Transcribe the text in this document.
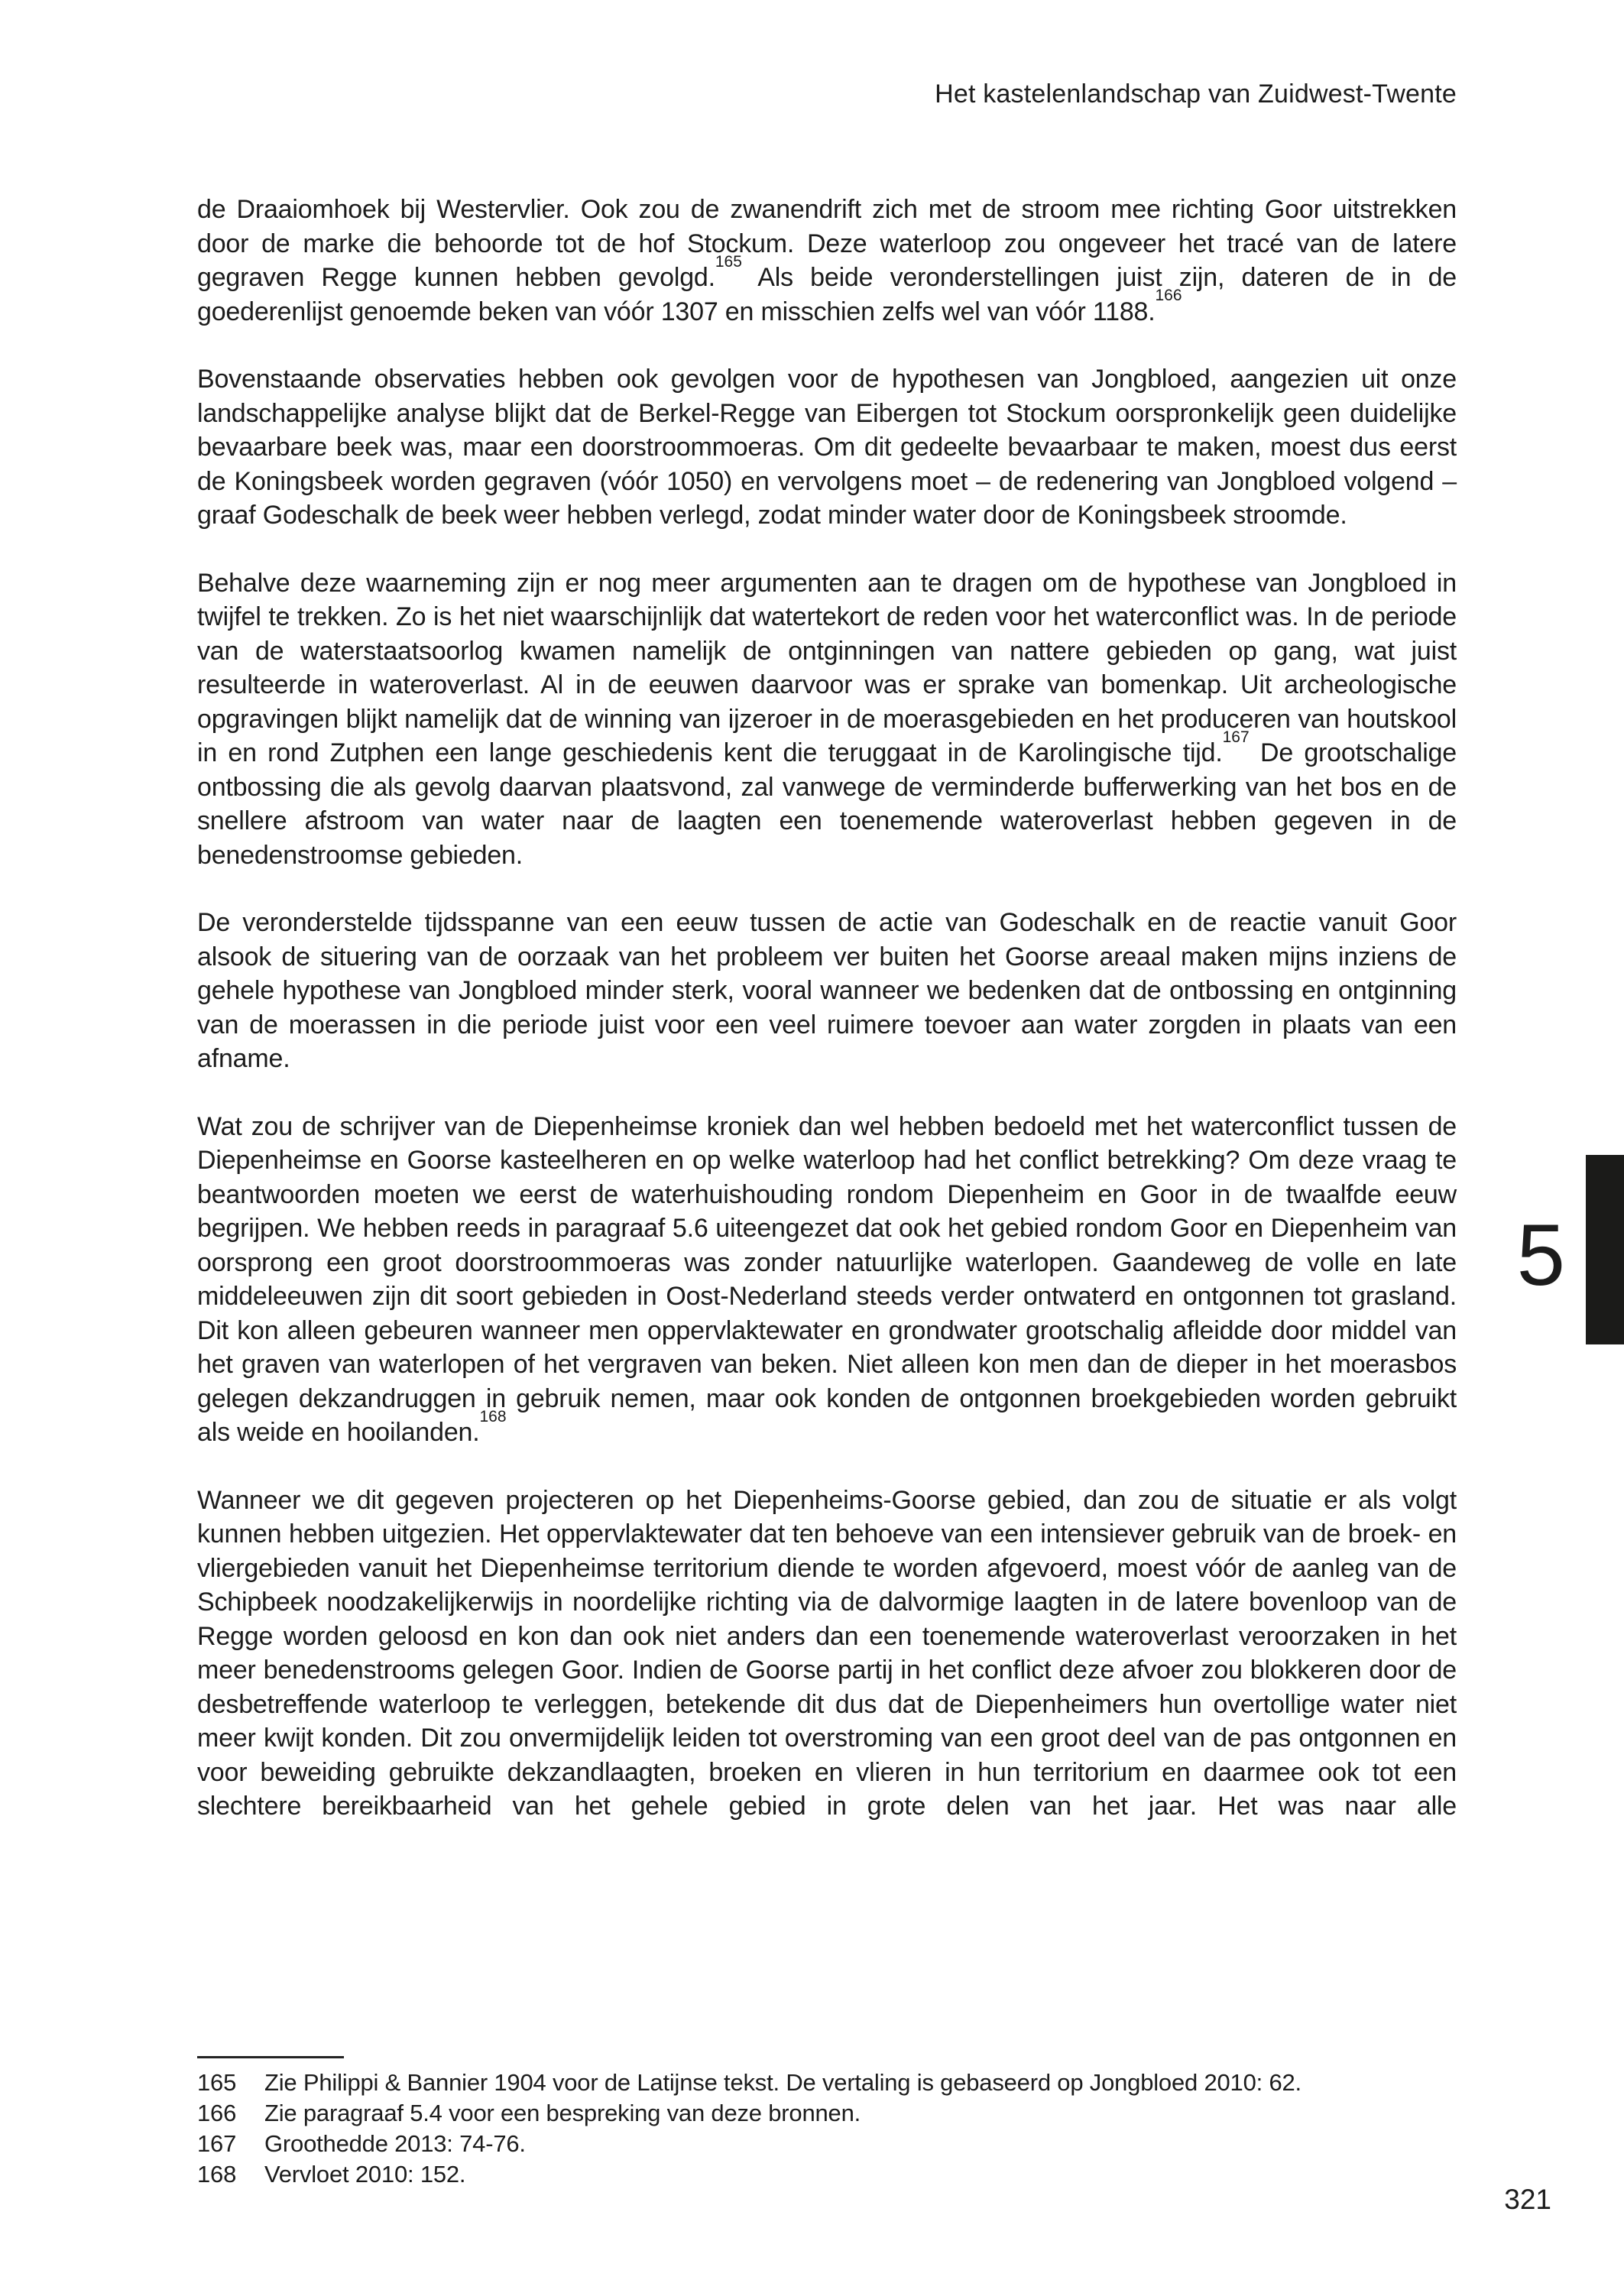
Het kastelenlandschap van Zuidwest-Twente

de Draaiomhoek bij Westervlier. Ook zou de zwanendrift zich met de stroom mee richting Goor uitstrekken door de marke die behoorde tot de hof Stockum. Deze waterloop zou ongeveer het tracé van de latere gegraven Regge kunnen hebben gevolgd.$^{165}$ Als beide veronderstellingen juist zijn, dateren de in de goederenlijst genoemde beken van vóór 1307 en misschien zelfs wel van vóór 1188.$^{166}$

Bovenstaande observaties hebben ook gevolgen voor de hypothesen van Jongbloed, aangezien uit onze landschappelijke analyse blijkt dat de Berkel-Regge van Eibergen tot Stockum oorspronkelijk geen duidelijke bevaarbare beek was, maar een doorstroommoeras. Om dit gedeelte bevaarbaar te maken, moest dus eerst de Koningsbeek worden gegraven (vóór 1050) en vervolgens moet – de redenering van Jongbloed volgend – graaf Godeschalk de beek weer hebben verlegd, zodat minder water door de Koningsbeek stroomde.

Behalve deze waarneming zijn er nog meer argumenten aan te dragen om de hypothese van Jongbloed in twijfel te trekken. Zo is het niet waarschijnlijk dat watertekort de reden voor het waterconflict was. In de periode van de waterstaatsoorlog kwamen namelijk de ontginningen van nattere gebieden op gang, wat juist resulteerde in wateroverlast. Al in de eeuwen daarvoor was er sprake van bomenkap. Uit archeologische opgravingen blijkt namelijk dat de winning van ijzeroer in de moerasgebieden en het produceren van houtskool in en rond Zutphen een lange geschiedenis kent die teruggaat in de Karolingische tijd.$^{167}$ De grootschalige ontbossing die als gevolg daarvan plaatsvond, zal vanwege de verminderde bufferwerking van het bos en de snellere afstroom van water naar de laagten een toenemende wateroverlast hebben gegeven in de benedenstroomse gebieden.

De veronderstelde tijdsspanne van een eeuw tussen de actie van Godeschalk en de reactie vanuit Goor alsook de situering van de oorzaak van het probleem ver buiten het Goorse areaal maken mijns inziens de gehele hypothese van Jongbloed minder sterk, vooral wanneer we bedenken dat de ontbossing en ontginning van de moerassen in die periode juist voor een veel ruimere toevoer aan water zorgden in plaats van een afname.

Wat zou de schrijver van de Diepenheimse kroniek dan wel hebben bedoeld met het waterconflict tussen de Diepenheimse en Goorse kasteelheren en op welke waterloop had het conflict betrekking? Om deze vraag te beantwoorden moeten we eerst de waterhuishouding rondom Diepenheim en Goor in de twaalfde eeuw begrijpen. We hebben reeds in paragraaf 5.6 uiteengezet dat ook het gebied rondom Goor en Diepenheim van oorsprong een groot doorstroommoeras was zonder natuurlijke waterlopen. Gaandeweg de volle en late middeleeuwen zijn dit soort gebieden in Oost-Nederland steeds verder ontwaterd en ontgonnen tot grasland. Dit kon alleen gebeuren wanneer men oppervlaktewater en grondwater grootschalig afleidde door middel van het graven van waterlopen of het vergraven van beken. Niet alleen kon men dan de dieper in het moerasbos gelegen dekzandruggen in gebruik nemen, maar ook konden de ontgonnen broekgebieden worden gebruikt als weide en hooilanden.$^{168}$

Wanneer we dit gegeven projecteren op het Diepenheims-Goorse gebied, dan zou de situatie er als volgt kunnen hebben uitgezien. Het oppervlaktewater dat ten behoeve van een intensiever gebruik van de broek- en vliergebieden vanuit het Diepenheimse territorium diende te worden afgevoerd, moest vóór de aanleg van de Schipbeek noodzakelijkerwijs in noordelijke richting via de dalvormige laagten in de latere bovenloop van de Regge worden geloosd en kon dan ook niet anders dan een toenemende wateroverlast veroorzaken in het meer benedenstrooms gelegen Goor. Indien de Goorse partij in het conflict deze afvoer zou blokkeren door de desbetreffende waterloop te verleggen, betekende dit dus dat de Diepenheimers hun overtollige water niet meer kwijt konden. Dit zou onvermijdelijk leiden tot overstroming van een groot deel van de pas ontgonnen en voor beweiding gebruikte dekzandlaagten, broeken en vlieren in hun territorium en daarmee ook tot een slechtere bereikbaarheid van het gehele gebied in grote delen van het jaar. Het was naar alle

5
165	Zie Philippi & Bannier 1904 voor de Latijnse tekst. De vertaling is gebaseerd op Jongbloed 2010: 62.
166	Zie paragraaf 5.4 voor een bespreking van deze bronnen.
167	Groothedde 2013: 74-76.
168	Vervloet 2010: 152.
321
